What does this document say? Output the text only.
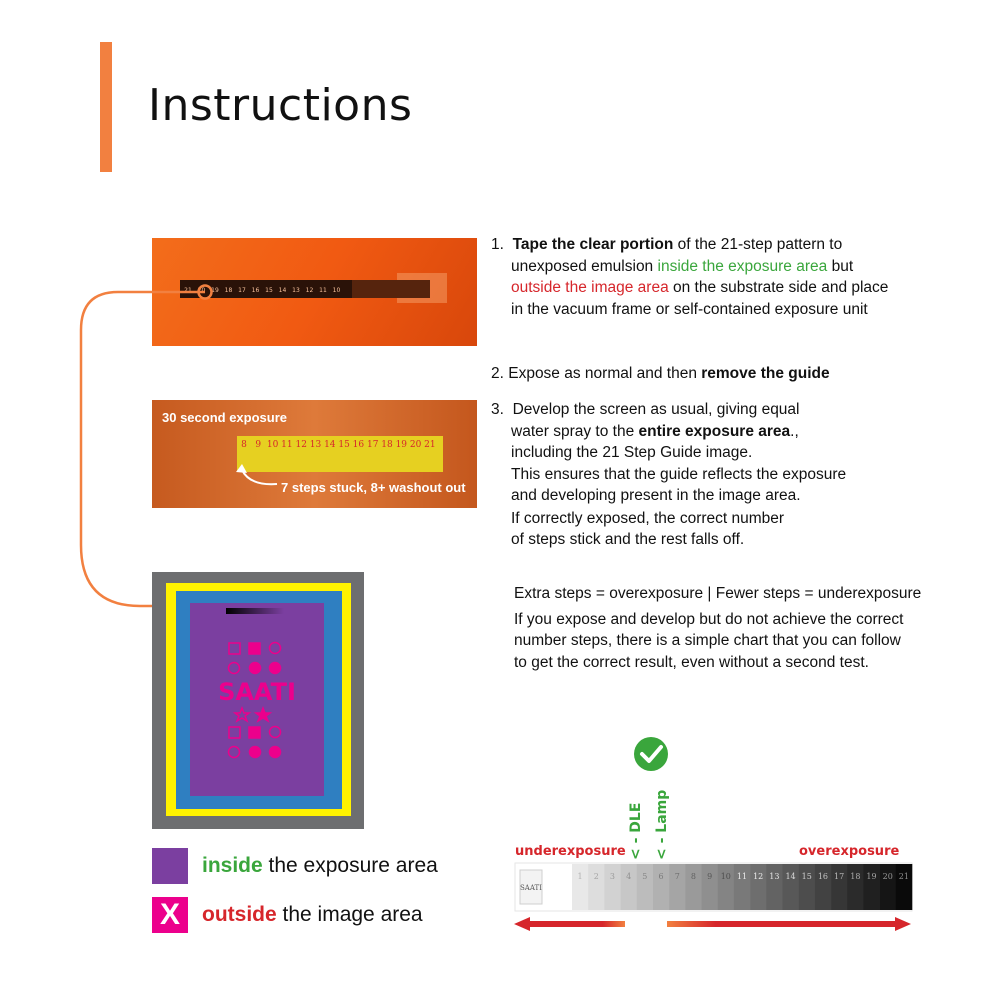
Instructions
21 20 19 18 17 16 15 14 13 12 11 10
8 9 10 11 12 13 14 15 16 17 18 19 20 21
30 second exposure
7 steps stuck, 8+ washout out
SAATI
inside the exposure area
X	outside the image area
1. Tape the clear portion of the 21-step pattern to
unexposed emulsion inside the exposure area but
outside the image area on the substrate side and place
in the vacuum frame or self-contained exposure unit
2. Expose as normal and then remove the guide
3. Develop the screen as usual, giving equal
water spray to the entire exposure area.,
including the 21 Step Guide image.
This ensures that the guide reflects the exposure
and developing present in the image area.
If correctly exposed, the correct number
of steps stick and the rest falls off.
Extra steps = overexposure | Fewer steps = underexposure
If you expose and develop but do not achieve the correct
number steps, there is a simple chart that you can follow
to get the correct result, even without a second test.
< - DLE < - Lamp
underexposure	overexposure
SAATI
1 2 3 4 5 6 7 8 9 10 11 12 13 14 15 16 17 18 19 20 21
